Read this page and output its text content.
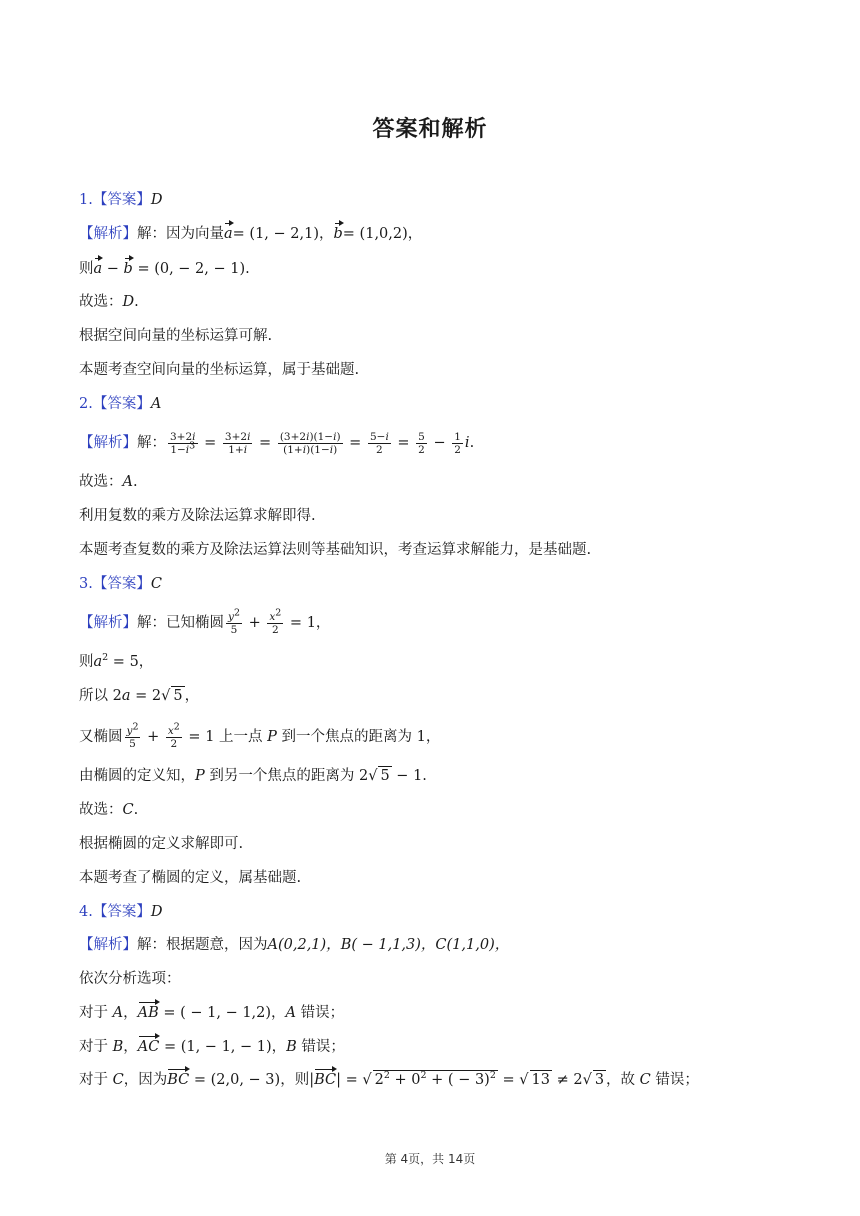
答案和解析
1.【答案】D
【解析】解：因为向量a= (1, − 2,1)，b= (1,0,2)，
则a − b = (0, − 2, − 1).
故选：D.
根据空间向量的坐标运算可解.
本题考查空间向量的坐标运算，属于基础题.
2.【答案】A
【解析】解： $\frac{3+2i}{1-i^3} = \frac{3+2i}{1+i} = \frac{(3+2i)(1-i)}{(1+i)(1-i)} = \frac{5-i}{2} = \frac{5}{2} - \frac{1}{2} i$.
故选：A.
利用复数的乘方及除法运算求解即得.
本题考查复数的乘方及除法运算法则等基础知识，考查运算求解能力，是基础题.
3.【答案】C
【解析】解：已知椭圆 $\frac{y^2}{5} + \frac{x^2}{2} = 1$，
则$a^2 = 5$，
所以 2a = 2√ 5 ，
又椭圆 $\frac{y^2}{5} + \frac{x^2}{2} = 1$ 上一点 P 到一个焦点的距离为 1，
由椭圆的定义知，P 到另一个焦点的距离为 2√ 5 − 1.
故选：C.
根据椭圆的定义求解即可.
本题考查了椭圆的定义，属基础题.
4.【答案】D
【解析】解：根据题意，因为A(0,2,1)，B( − 1,1,3)，C(1,1,0)，
依次分析选项：
对于 A，AB = ( − 1, − 1,2)，A 错误；
对于 B，AC = (1, − 1, − 1)，B 错误；
对于 C，因为BC = (2,0, − 3)，则|BC| = √ $2^2 + 0^2$ + ( − 3)$^2$ = √ 13 ≠ 2√ 3 ，故 C 错误；
第 4页，共 14页
